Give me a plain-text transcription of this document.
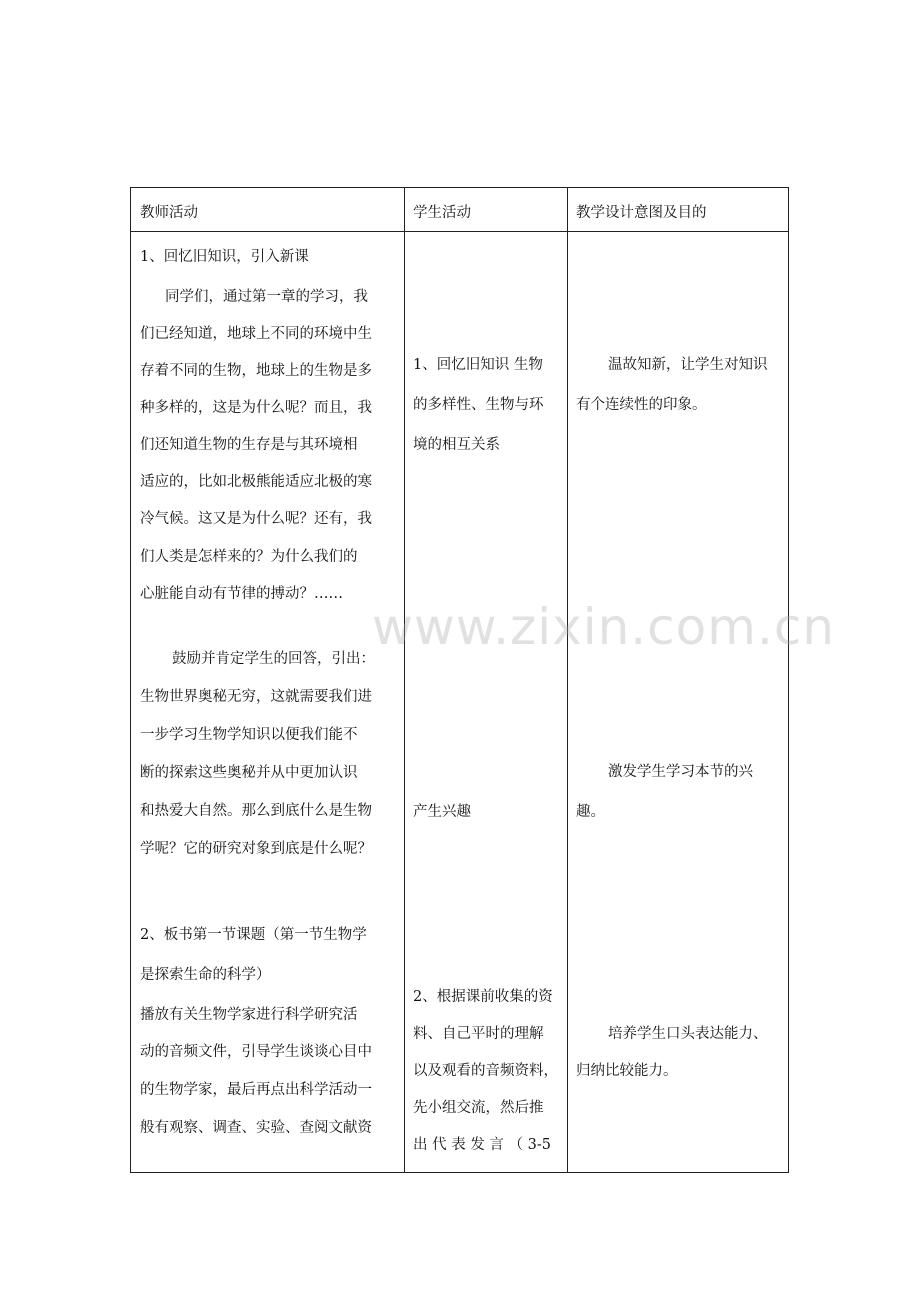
教师活动	学生活动	教学设计意图及目的
1、回忆旧知识，引入新课
同学们，通过第一章的学习，我
们已经知道，地球上不同的环境中生
存着不同的生物，地球上的生物是多
种多样的，这是为什么呢？而且，我
们还知道生物的生存是与其环境相
适应的，比如北极熊能适应北极的寒
冷气候。这又是为什么呢？还有，我
们人类是怎样来的？为什么我们的
心脏能自动有节律的搏动？……
鼓励并肯定学生的回答，引出：
生物世界奥秘无穷，这就需要我们进
一步学习生物学知识以便我们能不
断的探索这些奥秘并从中更加认识
和热爱大自然。那么到底什么是生物
学呢？它的研究对象到底是什么呢？
2、板书第一节课题（第一节生物学
是探索生命的科学）
播放有关生物学家进行科学研究活
动的音频文件，引导学生谈谈心目中
的生物学家，最后再点出科学活动一
般有观察、调查、实验、查阅文献资
1、回忆旧知识 生物
的多样性、生物与环
境的相互关系
产生兴趣
2、根据课前收集的资
料、自己平时的理解
以及观看的音频资料，
先小组交流，然后推
出 代 表 发 言 （ 3-5
温故知新，让学生对知识
有个连续性的印象。
激发学生学习本节的兴
趣。
培养学生口头表达能力、
归纳比较能力。
www.zixin.com.cn
